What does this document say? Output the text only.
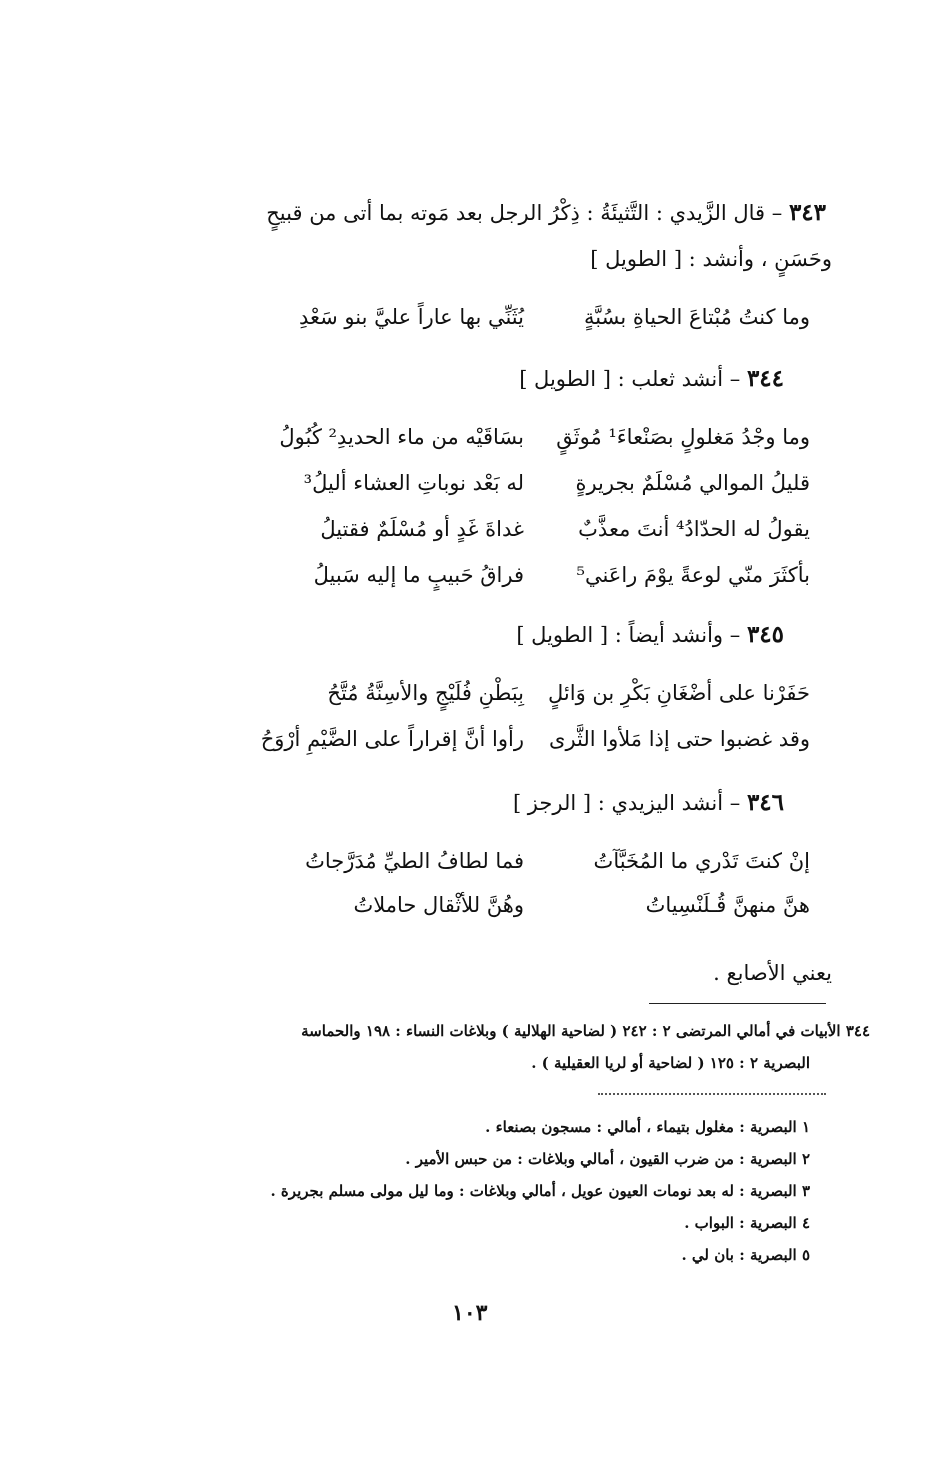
٣٤٣ – قال الزَّيدي : التَّثيئَةُ : ذِكْرُ الرجل بعد مَوته بما أتى من قبيحٍ
وحَسَنٍ ، وأنشد : [ الطويل ]
وما كنتُ مُبْتاعَ الحياةِ بسُبَّةٍ
يُثَنِّي بها عاراً عليَّ بنو سَعْدِ
٣٤٤ – أنشد ثعلب : [ الطويل ]
وما وجْدُ مَغلولٍ بصَنْعاءَ¹ مُوثَقٍ
بسَاقَيْه من ماء الحديدِ² كُبُولُ
قليلُ الموالي مُسْلَمٌ بجريرةٍ
له بَعْد نوباتِ العشاء أليلُ³
يقولُ له الحدّادُ⁴ أنتَ معذَّبٌ
غداةَ غَدٍ أو مُسْلَمٌ فقتيلُ
بأكثَرَ منّي لوعةً يوْمَ راعَني⁵
فراقُ حَبيبٍ ما إليه سَبيلُ
٣٤٥ – وأنشد أيضاً : [ الطويل ]
حَفَرْنا على أضْغَانِ بَكْرِ بن وَائلٍ
بِبَطْنِ فُلَيْجٍ والأسِنَّةُ مُتَّحُ
وقد غضبوا حتى إذا مَلأوا الثَّرى
رأوا أنَّ إقراراً على الضَّيْمِ أرْوَحُ
٣٤٦ – أنشد اليزيدي : [ الرجز ]
إنْ كنتَ تَدْري ما المُخَبَّآتُ
فما لطافُ الطيِّ مُدَرَّجاتُ
هنَّ منهنَّ قُـلَنْسِياتُ
وهُنَّ للأثْقال حاملاتُ
يعني الأصابع .
٣٤٤ الأبيات في أمالي المرتضى ٢ : ٢٤٢ ( لضاحية الهلالية ) وبلاغات النساء : ١٩٨ والحماسة
البصرية ٢ : ١٢٥ ( لضاحية أو لريا العقيلية ) .
١ البصرية : مغلول بتيماء ، أمالي : مسجون بصنعاء .
٢ البصرية : من ضرب القيون ، أمالي وبلاغات : من حبس الأمير .
٣ البصرية : له بعد نومات العيون عويل ، أمالي وبلاغات : وما ليل مولى مسلم بجريرة .
٤ البصرية : البواب .
٥ البصرية : بان لي .
١٠٣
